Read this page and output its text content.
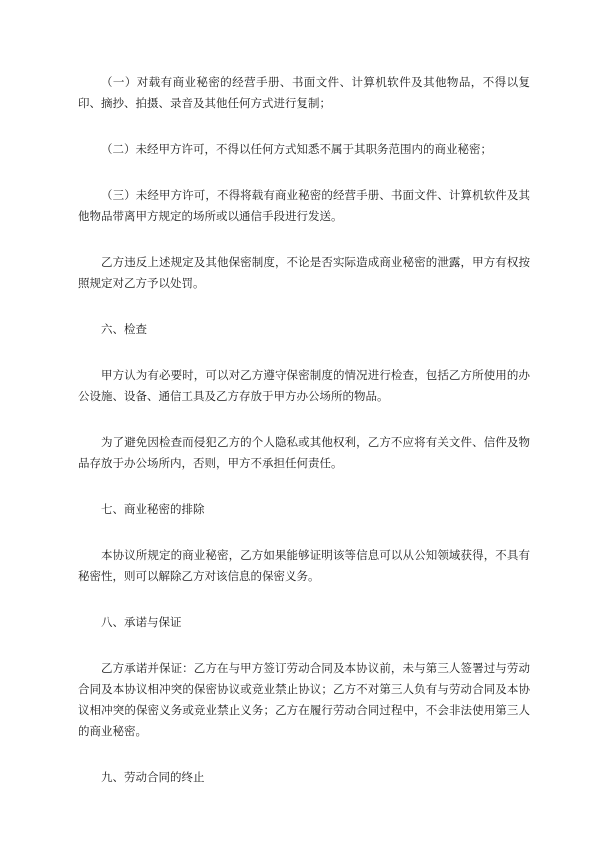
（一）对载有商业秘密的经营手册、书面文件、计算机软件及其他物品，不得以复印、摘抄、拍摄、录音及其他任何方式进行复制；

（二）未经甲方许可，不得以任何方式知悉不属于其职务范围内的商业秘密；

（三）未经甲方许可，不得将载有商业秘密的经营手册、书面文件、计算机软件及其他物品带离甲方规定的场所或以通信手段进行发送。

乙方违反上述规定及其他保密制度，不论是否实际造成商业秘密的泄露，甲方有权按照规定对乙方予以处罚。

六、检查

甲方认为有必要时，可以对乙方遵守保密制度的情况进行检查，包括乙方所使用的办公设施、设备、通信工具及乙方存放于甲方办公场所的物品。

为了避免因检查而侵犯乙方的个人隐私或其他权利，乙方不应将有关文件、信件及物品存放于办公场所内，否则，甲方不承担任何责任。

七、商业秘密的排除

本协议所规定的商业秘密，乙方如果能够证明该等信息可以从公知领域获得，不具有秘密性，则可以解除乙方对该信息的保密义务。

八、承诺与保证

乙方承诺并保证：乙方在与甲方签订劳动合同及本协议前，未与第三人签署过与劳动合同及本协议相冲突的保密协议或竞业禁止协议；乙方不对第三人负有与劳动合同及本协议相冲突的保密义务或竞业禁止义务；乙方在履行劳动合同过程中，不会非法使用第三人的商业秘密。

九、劳动合同的终止
